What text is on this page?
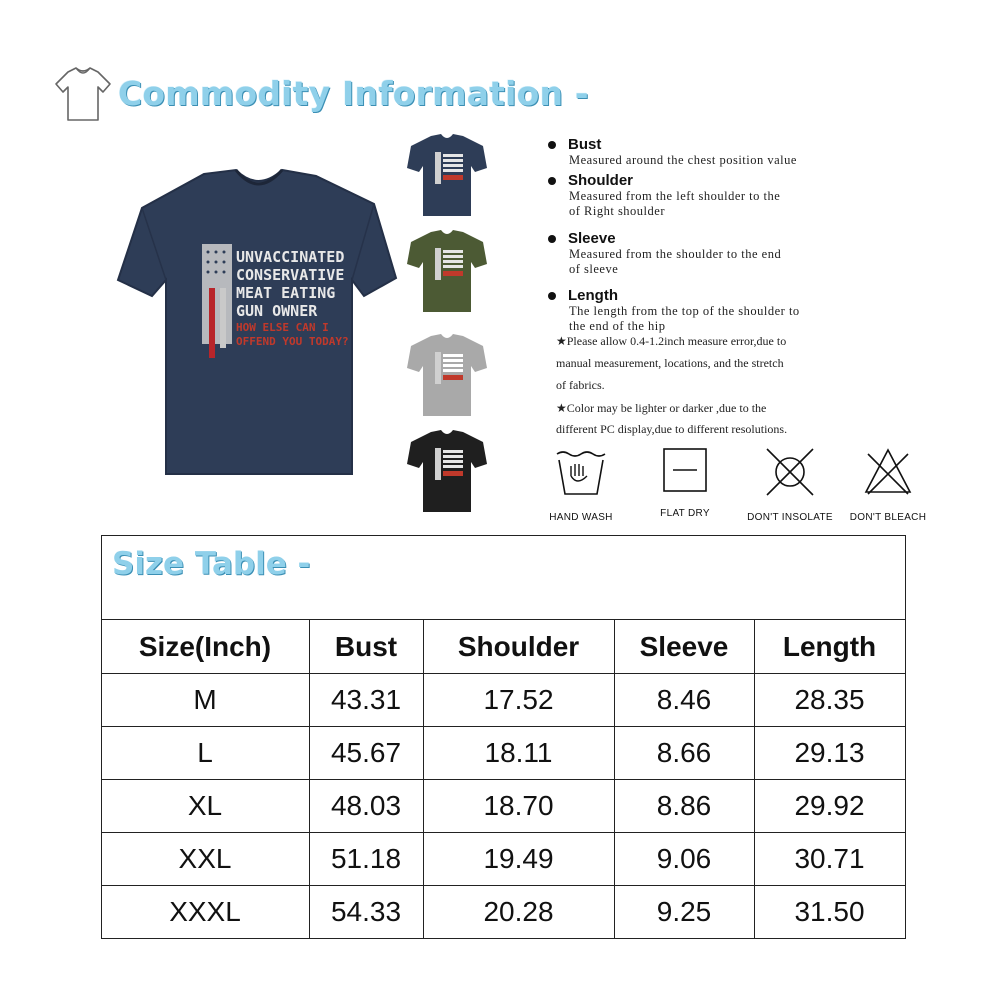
Commodity Information -
UNVACCINATED
CONSERVATIVE
MEAT EATING
GUN OWNER
HOW ELSE CAN I
OFFEND YOU TODAY?
Bust
Measured around the chest position value
Shoulder
Measured from the left shoulder to the
of Right shoulder
Sleeve
Measured from the shoulder to the end
of sleeve
Length
The length from the top of the shoulder to
the end of the hip
★Please allow 0.4-1.2inch measure error,due to
manual measurement, locations, and the stretch
of fabrics.
★Color may be lighter or darker ,due to the
different PC display,due to different resolutions.
HAND WASH	FLAT DRY	DON'T INSOLATE	DON'T BLEACH
Size Table -
Size(Inch)	Bust	Shoulder	Sleeve	Length
M	43.31	17.52	8.46	28.35
L	45.67	18.11	8.66	29.13
XL	48.03	18.70	8.86	29.92
XXL	51.18	19.49	9.06	30.71
XXXL	54.33	20.28	9.25	31.50
